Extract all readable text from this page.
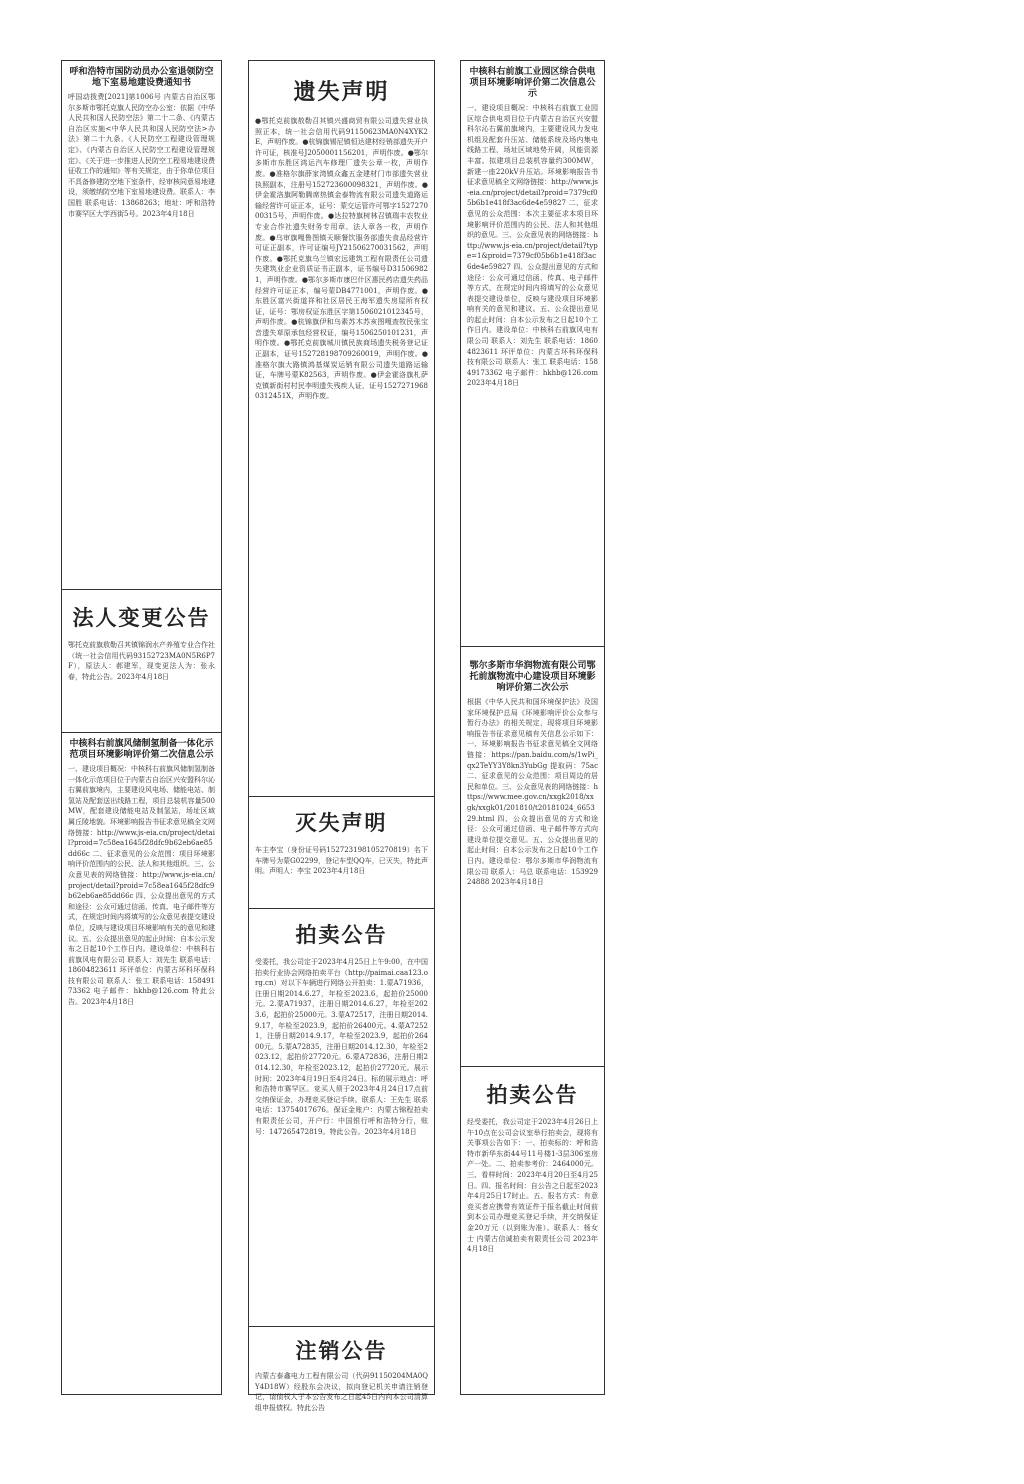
呼和浩特市国防动员办公室退领防空地下室易地建设费通知书
呼国动拨费[2021]第1006号 内蒙古自治区鄂尔多斯市鄂托克旗人民防空办公室：依据《中华人民共和国人民防空法》第二十二条、《内蒙古自治区实施<中华人民共和国人民防空法>办法》第二十九条、《人民防空工程建设管理规定》、《内蒙古自治区人民防空工程建设管理规定》、《关于进一步推进人民防空工程易地建设费征收工作的通知》等有关规定，由于你单位项目不具备修建防空地下室条件，经审核同意易地建设，须缴纳防空地下室易地建设费。联系人：李国胜 联系电话：13868263；地址：呼和浩特市赛罕区大学西街5号。2023年4月18日
法人变更公告
鄂托克前旗敖勒召其镇锦润水产养殖专业合作社（统一社会信用代码93152723MA0N5R6P7F），原法人：郝建军，现变更法人为：张永春，特此公告。2023年4月18日
中核科右前旗风储制氢制备一体化示范项目环境影响评价第二次信息公示
一、建设项目概况：中核科右前旗风储制氢制备一体化示范项目位于内蒙古自治区兴安盟科尔沁右翼前旗境内，主要建设风电场、储能电站、制氢站及配套送出线路工程，项目总装机容量500MW，配套建设储能电站及制氢站，场址区域属丘陵地貌。环境影响报告书征求意见稿全文网络链接：http://www.js-eia.cn/project/detail?proid=7c58ea1645f28dfc9b62eb6ae85dd66c 二、征求意见的公众范围：项目环境影响评价范围内的公民、法人和其他组织。三、公众意见表的网络链接：http://www.js-eia.cn/project/detail?proid=7c58ea1645f28dfc9b62eb6ae85dd66c 四、公众提出意见的方式和途径：公众可通过信函、传真、电子邮件等方式，在规定时间内将填写的公众意见表提交建设单位，反映与建设项目环境影响有关的意见和建议。五、公众提出意见的起止时间：自本公示发布之日起10个工作日内。建设单位：中核科右前旗风电有限公司 联系人：刘先生 联系电话：18604823611 环评单位：内蒙古环科环保科技有限公司 联系人：张工 联系电话：15849173362 电子邮件：hkhb@126.com 特此公告。2023年4月18日
遗失声明
●鄂托克前旗敖勒召其镇兴盛商贸有限公司遗失营业执照正本，统一社会信用代码91150623MA0N4XYK2E，声明作废。●杭锦旗锡尼镇恒达建材经销部遗失开户许可证，核准号J2050001156201，声明作废。●鄂尔多斯市东胜区鸿运汽车修理厂遗失公章一枚，声明作废。●准格尔旗薛家湾镇众鑫五金建材门市部遗失营业执照副本，注册号152723600098321，声明作废。●伊金霍洛旗阿勒腾席热镇金泰物流有限公司遗失道路运输经营许可证正本，证号：蒙交运管许可鄂字152727000315号，声明作废。●达拉特旗树林召镇瑞丰农牧业专业合作社遗失财务专用章、法人章各一枚，声明作废。●乌审旗嘎鲁图镇天顺餐饮服务部遗失食品经营许可证正副本，许可证编号JY21506270031562，声明作废。●鄂托克旗乌兰镇宏远建筑工程有限责任公司遗失建筑业企业资质证书正副本，证书编号D315069821，声明作废。●鄂尔多斯市康巴什区惠民药店遗失药品经营许可证正本，编号蒙DB4771001，声明作废。●东胜区富兴街道祥和社区居民王海军遗失房屋所有权证，证号：鄂房权证东胜区字第1506021012345号，声明作废。●杭锦旗伊和乌素苏木苏亥图嘎查牧民张宝音遗失草原承包经营权证，编号1506250101231，声明作废。●鄂托克前旗城川镇民族商场遗失税务登记证正副本，证号152728198709260019，声明作废。●准格尔旗大路镇鸿基煤炭运销有限公司遗失道路运输证，车牌号蒙K82563，声明作废。●伊金霍洛旗札萨克镇新街村村民李明遗失残疾人证，证号15272719680312451X，声明作废。
灭失声明
车主李宝（身份证号码152723198105270819）名下车牌号为蒙G02299，登记车型QQ车，已灭失，特此声明。声明人：李宝 2023年4月18日
拍卖公告
受委托，我公司定于2023年4月25日上午9:00，在中国拍卖行业协会网络拍卖平台（http://paimai.caa123.org.cn）对以下车辆进行网络公开拍卖：1.蒙A71936，注册日期2014.6.27，年检至2023.6，起拍价25000元。2.蒙A71937，注册日期2014.6.27，年检至2023.6，起拍价25000元。3.蒙A72517，注册日期2014.9.17，年检至2023.9，起拍价26400元。4.蒙A72521，注册日期2014.9.17，年检至2023.9，起拍价26400元。5.蒙A72835，注册日期2014.12.30，年检至2023.12，起拍价27720元。6.蒙A72836，注册日期2014.12.30，年检至2023.12，起拍价27720元。展示时间：2023年4月19日至4月24日。标的展示地点：呼和浩特市赛罕区。竞买人须于2023年4月24日17点前交纳保证金，办理竞买登记手续。联系人：王先生 联系电话：13754017676。保证金账户：内蒙古锦程拍卖有限责任公司，开户行：中国银行呼和浩特分行，账号：147265472819。特此公告。2023年4月18日
注销公告
内蒙古泰鑫电力工程有限公司（代码91150204MA0QY4D18W）经股东会决议，拟向登记机关申请注销登记，请债权人于本公告发布之日起45日内向本公司清算组申报债权。特此公告
中核科右前旗工业园区综合供电项目环境影响评价第二次信息公示
一、建设项目概况：中核科右前旗工业园区综合供电项目位于内蒙古自治区兴安盟科尔沁右翼前旗境内，主要建设风力发电机组及配套升压站、储能系统及场内集电线路工程，场址区域地势开阔，风能资源丰富。拟建项目总装机容量约300MW，新建一座220kV升压站。环境影响报告书征求意见稿全文网络链接：http://www.js-eia.cn/project/detail?proid=7379cf05b6b1e418f3ac6de4e59827 二、征求意见的公众范围：本次主要征求本项目环境影响评价范围内的公民、法人和其他组织的意见。三、公众意见表的网络链接：http://www.js-eia.cn/project/detail?type=1&proid=7379cf05b6b1e418f3ac6de4e59827 四、公众提出意见的方式和途径：公众可通过信函、传真、电子邮件等方式，在规定时间内将填写的公众意见表提交建设单位，反映与建设项目环境影响有关的意见和建议。五、公众提出意见的起止时间：自本公示发布之日起10个工作日内。建设单位：中核科右前旗风电有限公司 联系人：刘先生 联系电话：18604823611 环评单位：内蒙古环科环保科技有限公司 联系人：张工 联系电话：15849173362 电子邮件：hkhb@126.com 2023年4月18日
鄂尔多斯市华润物流有限公司鄂托前旗物流中心建设项目环境影响评价第二次公示
根据《中华人民共和国环境保护法》及国家环境保护总局《环境影响评价公众参与暂行办法》的相关规定，现将项目环境影响报告书征求意见稿有关信息公示如下：一、环境影响报告书征求意见稿全文网络链接：https://pan.baidu.com/s/1wPi_qx2TeYY3Y8kn3YubGg 提取码：75ac 二、征求意见的公众范围：项目周边的居民和单位。三、公众意见表的网络链接：https://www.mee.gov.cn/xxgk2018/xxgk/xxgk01/201810/t20181024_665329.html 四、公众提出意见的方式和途径：公众可通过信函、电子邮件等方式向建设单位提交意见。五、公众提出意见的起止时间：自本公示发布之日起10个工作日内。建设单位：鄂尔多斯市华润物流有限公司 联系人：马总 联系电话：15392924888 2023年4月18日
拍卖公告
经受委托，我公司定于2023年4月26日上午10点在公司会议室举行拍卖会，现将有关事项公告如下：一、拍卖标的：呼和浩特市新华东街44号11号楼1-3层306室房产一处。二、拍卖参考价：2464000元。三、看样时间：2023年4月20日至4月25日。四、报名时间：自公告之日起至2023年4月25日17时止。五、报名方式：有意竞买者应携带有效证件于报名截止时间前到本公司办理竞买登记手续，并交纳保证金20万元（以到账为准）。联系人：杨女士 内蒙古信诚拍卖有限责任公司 2023年4月18日
